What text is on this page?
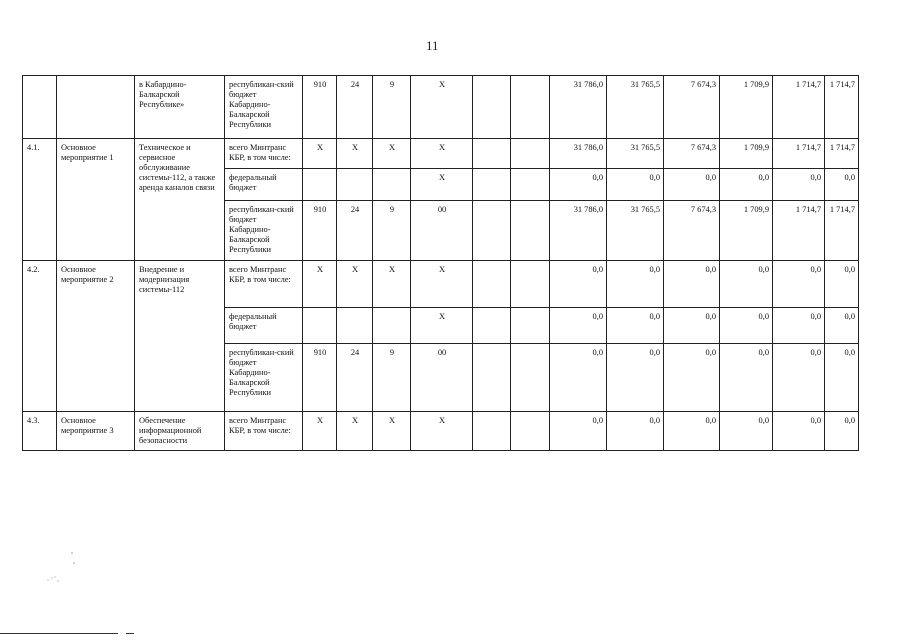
11
		в Кабардино-Балкарской Республике»	республикан-ский бюджет Кабардино-Балкарской Республики	910	24	9	Х			31 786,0	31 765,5	7 674,3	1 709,9	1 714,7	1 714,7
4.1.	Основное мероприятие 1	Техническое и сервисное обслуживание системы-112, а также аренда каналов связи	всего Минтранс КБР, в том числе:	Х	Х	Х	Х			31 786,0	31 765,5	7 674,3	1 709,9	1 714,7	1 714,7
			федеральный бюджет				Х			0,0	0,0	0,0	0,0	0,0	0,0
			республикан-ский бюджет Кабардино-Балкарской Республики	910	24	9	00			31 786,0	31 765,5	7 674,3	1 709,9	1 714,7	1 714,7
4.2.	Основное мероприятие 2	Внедрение и модернизация системы-112	всего Минтранс КБР, в том числе:	Х	Х	Х	Х			0,0	0,0	0,0	0,0	0,0	0,0
			федеральный бюджет				Х			0,0	0,0	0,0	0,0	0,0	0,0
			республикан-ский бюджет Кабардино-Балкарской Республики	910	24	9	00			0,0	0,0	0,0	0,0	0,0	0,0
4.3.	Основное мероприятие 3	Обеспечение информационной безопасности	всего Минтранс КБР, в том числе:	Х	Х	Х	Х			0,0	0,0	0,0	0,0	0,0	0,0
